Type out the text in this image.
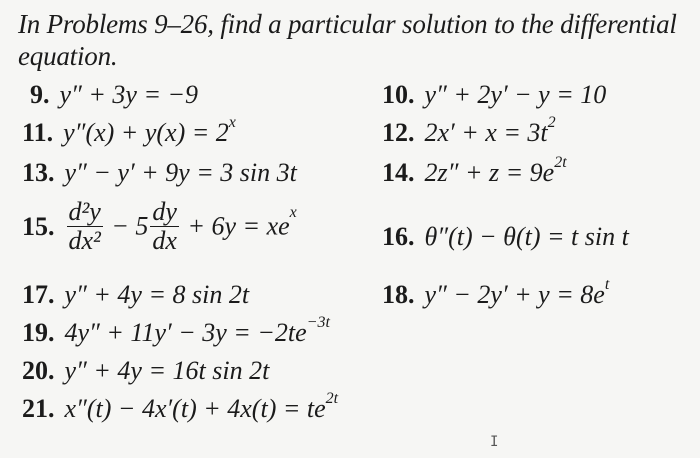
In Problems 9–26, find a particular solution to the differential equation.
9. y″ + 3y = −9	10. y″ + 2y′ − y = 10
11. $y''(x) + y(x) = 2^x$	12. $2x' + x = 3t^2$
13. y″ − y′ + 9y = 3 sin 3t	14. $2z'' + z = 9e^{2t}$
15. $\frac{\text{d²y}}{\text{dx²}} - 5 \frac{dy}{dx} + 6y = xe^x$
16. θ″(t) − θ(t) = t sin t
17. y″ + 4y = 8 sin 2t	18. $y'' - 2y' + y = 8e^t$
19. $4y'' + 11y' - 3y = -2te^{-3t}$
20. y″ + 4y = 16t sin 2t
21. $x''(t) - 4x'(t) + 4x(t) = te^{2t}$
I
